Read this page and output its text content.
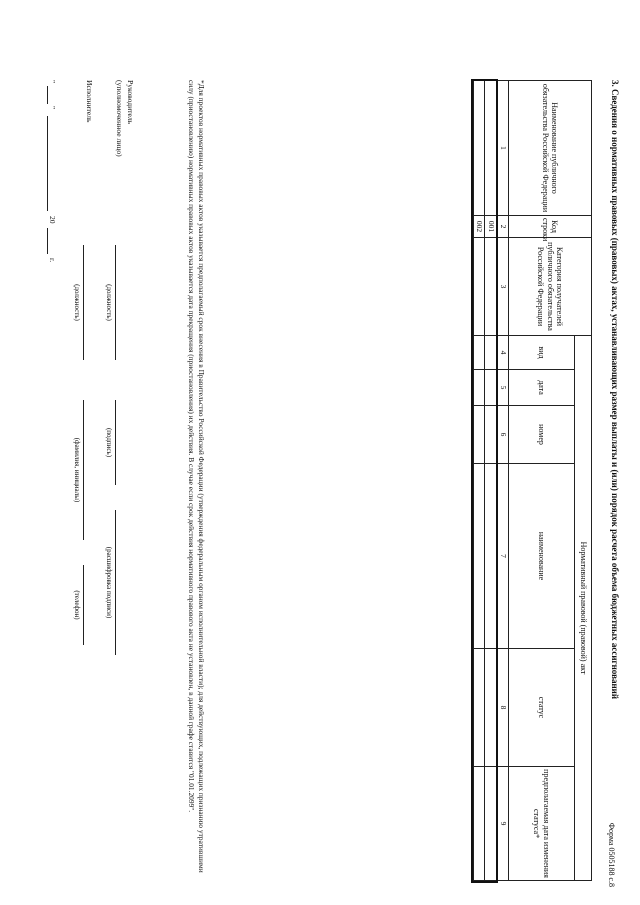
Форма 0505188 с.8
3. Сведения о нормативных правовых (правовых) актах, устанавливающих размер выплаты и (или) порядок расчета объема бюджетных ассигнований
Наименование публичного обязательства Российской Федерации	Код строки	Категория получателей публичного обязательства Российской Федерации	Нормативный правовой (правовой) акт					
			вид	дата	номер	наименование	статус	предполагаемая дата изменения статуса*
1	2	3	4	5	6	7	8	9
	001							
	002							
*Для проектов нормативных правовых актов указывается предполагаемый срок внесения в Правительство Российской Федерации (утверждения федеральным органом исполнительной власти); для действующих, подлежащих признанию утратившими силу (приостановлению) нормативных правовых актов указывается дата прекращения (приостановления) их действия. В случае если срок действия нормативного правового акта не установлен, в данной графе ставится "01.01.2099".
Руководитель
(уполномоченное лицо)
(должность)
(подпись)
(расшифровка подписи)
Исполнитель
(должность)
(фамилия, инициалы)
(телефон)
"
"
20
г.
